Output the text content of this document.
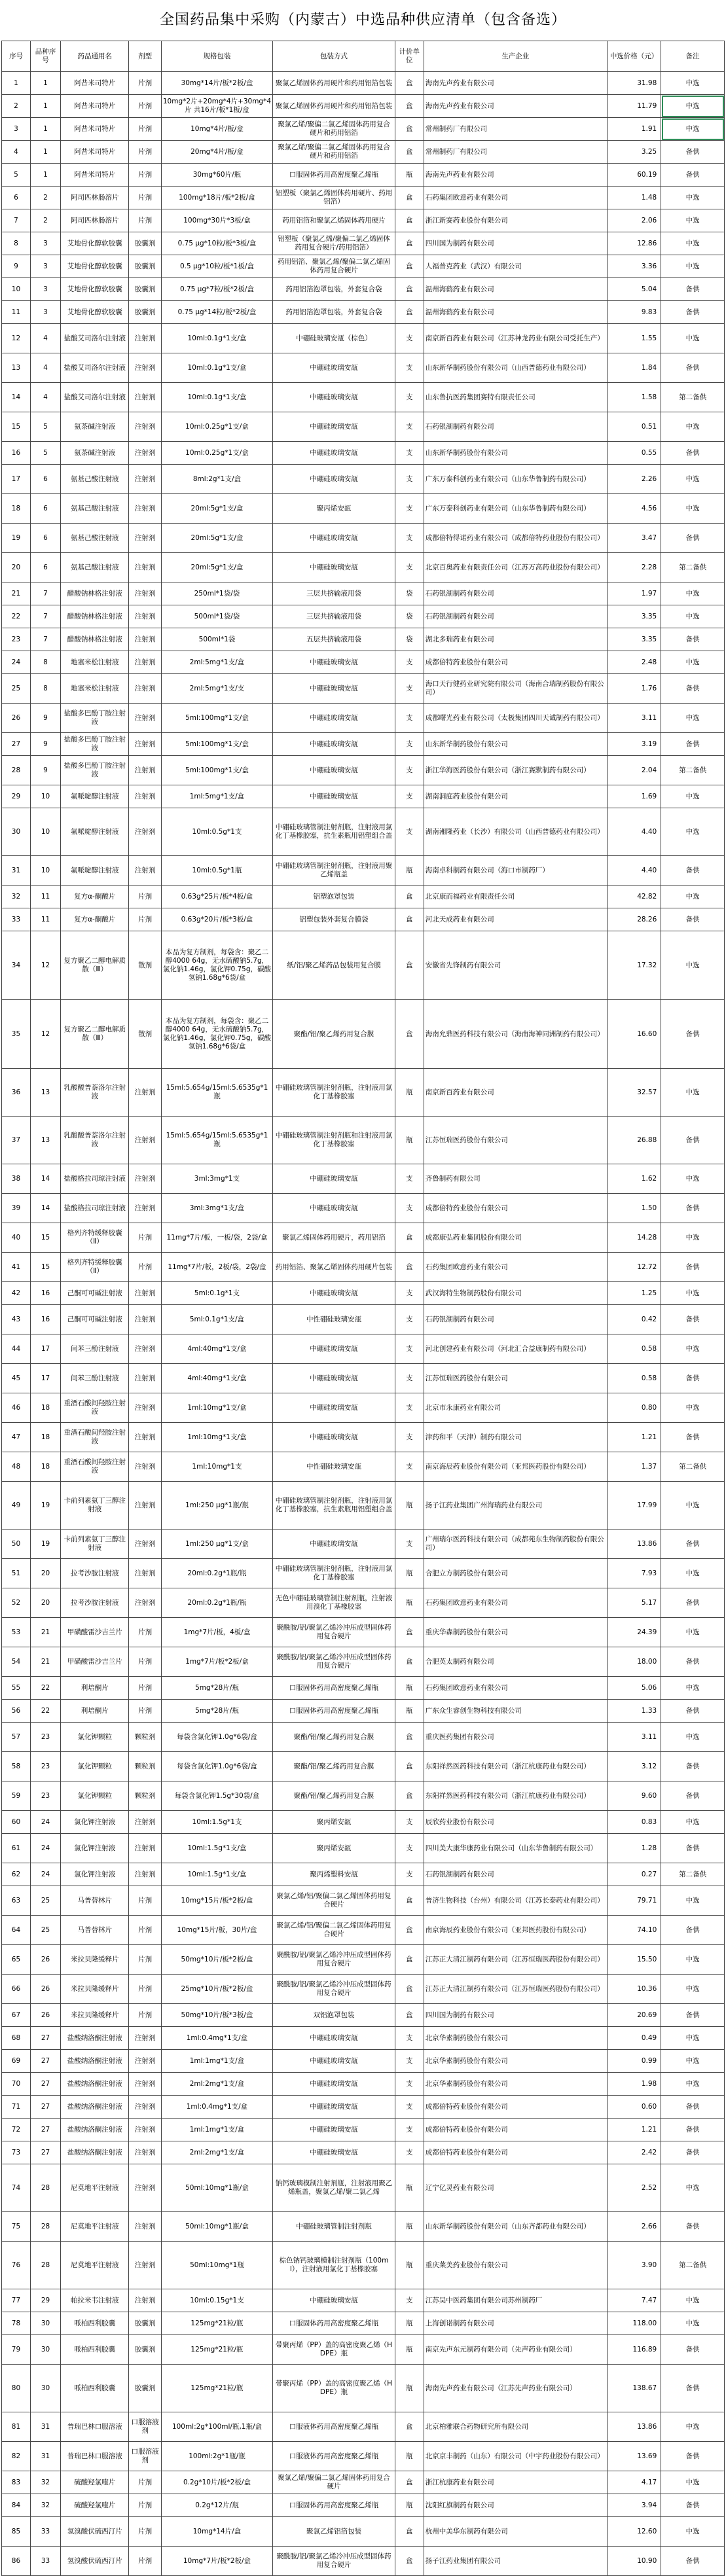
全国药品集中采购（内蒙古）中选品种供应清单（包含备选）
序号	品种序号	药品通用名	剂型	规格包装	包装方式	计价单位	生产企业	中选价格（元）	备注
1	1	阿昔米司特片	片剂	30mg*14片/板*2板/盒	聚氯乙烯固体药用硬片和药用铝箔包装	盒	海南先声药业有限公司	31.98	中选
2	1	阿昔米司特片	片剂	10mg*2片+20mg*4片+30mg*4片 共16片/板*1板/盒	聚氯乙烯固体药用硬片和药用铝箔包装	盒	海南先声药业有限公司	11.79	中选
3	1	阿昔米司特片	片剂	10mg*4片/板/盒	聚氯乙烯/聚偏二氯乙烯固体药用复合硬片和药用铝箔	盒	常州制药厂有限公司	1.91	中选
4	1	阿昔米司特片	片剂	20mg*4片/板/盒	聚氯乙烯/聚偏二氯乙烯固体药用复合硬片和药用铝箔	盒	常州制药厂有限公司	3.25	备供
5	1	阿昔米司特片	片剂	30mg*60片/瓶	口服固体药用高密度聚乙烯瓶	瓶	海南先声药业有限公司	60.19	备供
6	2	阿司匹林肠溶片	片剂	100mg*18片/板*2板/盒	铝塑板（聚氯乙烯固体药用硬片、药用铝箔）	盒	石药集团欧意药业有限公司	1.48	中选
7	2	阿司匹林肠溶片	片剂	100mg*30片*3板/盒	药用铝箔和聚氯乙烯固体药用硬片	盒	浙江新赛药业股份有限公司	2.06	中选
8	3	艾地骨化醇软胶囊	胶囊剂	0.75 μg*10粒/板*3板/盒	铝塑板（聚氯乙烯/聚偏二氯乙烯固体药用复合硬片/药用铝箔）	盒	四川国为制药有限公司	12.86	中选
9	3	艾地骨化醇软胶囊	胶囊剂	0.5 μg*10粒/板*1板/盒	药用铝箔、聚氯乙烯/聚偏二氯乙烯固体药用复合硬片	盒	人福普克药业（武汉）有限公司	3.36	中选
10	3	艾地骨化醇软胶囊	胶囊剂	0.75 μg*7粒/板*2板/盒	药用铝箔泡罩包装，外套复合袋	盒	温州海鹤药业有限公司	5.04	备供
11	3	艾地骨化醇软胶囊	胶囊剂	0.75 μg*14粒/板*2板/盒	药用铝箔泡罩包装，外套复合袋	盒	温州海鹤药业有限公司	9.83	备供
12	4	盐酸艾司洛尔注射液	注射剂	10ml:0.1g*1支/盒	中硼硅玻璃安瓿（棕色）	支	南京新百药业有限公司（江苏神龙药业有限公司受托生产）	1.55	中选
13	4	盐酸艾司洛尔注射液	注射剂	10ml:0.1g*1支/盒	中硼硅玻璃安瓿	支	山东新华制药股份有限公司（山西普德药业有限公司）	1.84	备供
14	4	盐酸艾司洛尔注射液	注射剂	10ml:0.1g*1支/盒	中硼硅玻璃安瓿	支	山东鲁抗医药集团赛特有限责任公司	1.58	第二备供
15	5	氨茶碱注射液	注射剂	10ml:0.25g*1支/盒	中硼硅玻璃安瓿	支	石药银湖制药有限公司	0.51	中选
16	5	氨茶碱注射液	注射剂	10ml:0.25g*1支/盒	中硼硅玻璃安瓿	支	山东新华制药股份有限公司	0.55	备供
17	6	氨基己酸注射液	注射剂	8ml:2g*1支/盒	中硼硅玻璃安瓿	支	广东万泰科创药业有限公司（山东华鲁制药有限公司）	2.26	中选
18	6	氨基己酸注射液	注射剂	20ml:5g*1支/盒	聚丙烯安瓿	支	广东万泰科创药业有限公司（山东华鲁制药有限公司）	4.56	中选
19	6	氨基己酸注射液	注射剂	20ml:5g*1支/盒	中硼硅玻璃安瓿	支	成都倍特得诺药业有限公司（成都倍特药业股份有限公司）	3.47	备供
20	6	氨基己酸注射液	注射剂	20ml:5g*1支/盒	中硼硅玻璃安瓿	支	北京百奥药业有限责任公司（江苏万高药业股份有限公司）	2.28	第二备供
21	7	醋酸钠林格注射液	注射剂	250ml*1袋/袋	三层共挤输液用袋	袋	石药银湖制药有限公司	1.97	中选
22	7	醋酸钠林格注射液	注射剂	500ml*1袋/袋	三层共挤输液用袋	袋	石药银湖制药有限公司	3.35	中选
23	7	醋酸钠林格注射液	注射剂	500ml*1袋	五层共挤输液用袋	袋	湖北多瑞药业有限公司	3.35	备供
24	8	地塞米松注射液	注射剂	2ml:5mg*1支/盒	中硼硅玻璃安瓿	支	成都倍特药业股份有限公司	2.48	中选
25	8	地塞米松注射液	注射剂	2ml:5mg*1支/支	中硼硅玻璃安瓿	支	海口天行健药业研究院有限公司（海南合瑞制药股份有限公司）	1.76	备供
26	9	盐酸多巴酚丁胺注射液	注射剂	5ml:100mg*1支/盒	中硼硅玻璃安瓿	支	成都曙光药业有限公司（太极集团四川天诚制药有限公司）	3.11	中选
27	9	盐酸多巴酚丁胺注射液	注射剂	5ml:100mg*1支/盒	中硼硅玻璃安瓿	支	山东新华制药股份有限公司	3.19	备供
28	9	盐酸多巴酚丁胺注射液	注射剂	5ml:100mg*1支/盒	中硼硅玻璃安瓿	支	浙江华海医药股份有限公司（浙江赛默制药有限公司）	2.04	第二备供
29	10	氟哌啶醇注射液	注射剂	1ml:5mg*1支/盒	中硼硅玻璃安瓿	支	湖南洞庭药业股份有限公司	1.69	中选
30	10	氟哌啶醇注射液	注射剂	10ml:0.5g*1支	中硼硅玻璃管制注射剂瓶，注射液用氯化丁基橡胶塞，抗生素瓶用铝塑组合盖	支	湖南湘隆药业（长沙）有限公司（山西普德药业有限公司）	4.40	中选
31	10	氟哌啶醇注射液	注射剂	10ml:0.5g*1瓶	中硼硅玻璃管制注射剂瓶，注射液用聚乙烯瓶盖	瓶	海南卓科制药有限公司（海口市制药厂）	4.40	备供
32	11	复方α-酮酸片	片剂	0.63g*25片/板*4板/盒	铝塑泡罩包装	盒	北京康而福药业有限责任公司	42.82	中选
33	11	复方α-酮酸片	片剂	0.63g*20片/板*3板/盒	铝塑包装外套复合膜袋	盒	河北天成药业有限公司	28.26	备供
34	12	复方聚乙二醇电解质散（Ⅲ）	散剂	本品为复方制剂，每袋含：聚乙二醇4000 64g，无水硫酸钠5.7g，氯化钠1.46g，氯化钾0.75g，碳酸氢钠1.68g*6袋/盒	纸/铝/聚乙烯药品包装用复合膜	盒	安徽省先锋制药有限公司	17.32	中选
35	12	复方聚乙二醇电解质散（Ⅲ）	散剂	本品为复方制剂，每袋含：聚乙二醇4000 64g，无水硫酸钠5.7g，氯化钠1.46g，氯化钾0.75g，碳酸氢钠1.68g*6袋/盒	聚酯/铝/聚乙烯药用复合膜	盒	海南允鼎医药科技有限公司（海南海神同洲制药有限公司）	16.60	备供
36	13	乳酸酸普萘洛尔注射液	注射剂	15ml:5.654g/15ml:5.6535g*1瓶	中硼硅玻璃管制注射剂瓶，注射液用氯化丁基橡胶塞	瓶	南京新百药业有限公司	32.57	中选
37	13	乳酸酸普萘洛尔注射液	注射剂	15ml:5.654g/15ml:5.6535g*1瓶	中硼硅玻璃管制注射剂瓶和注射液用氯化丁基橡胶塞	瓶	江苏恒瑞医药股份有限公司	26.88	备供
38	14	盐酸格拉司琼注射液	注射剂	3ml:3mg*1支	中硼硅玻璃安瓿	支	齐鲁制药有限公司	1.62	中选
39	14	盐酸格拉司琼注射液	注射剂	3ml:3mg*1支/盒	中硼硅玻璃安瓿	支	成都倍特药业股份有限公司	1.50	备供
40	15	格列齐特缓释胶囊（Ⅱ）	片剂	11mg*7片/板，一板/袋，2袋/盒	聚氯乙烯固体药用硬片，药用铝箔	盒	成都康弘药业集团股份有限公司	14.28	中选
41	15	格列齐特缓释胶囊（Ⅱ）	片剂	11mg*7片/板，2板/袋，2袋/盒	药用铝箔、聚氯乙烯固体药用硬片包装	盒	石药集团欧意药业有限公司	12.72	备供
42	16	己酮可可碱注射液	注射剂	5ml:0.1g*1支	中硼硅玻璃安瓿	支	武汉海特生物制药股份有限公司	1.25	中选
43	16	己酮可可碱注射液	注射剂	5ml:0.1g*1支/盒	中性硼硅玻璃安瓿	支	石药银湖制药有限公司	0.42	备供
44	17	间苯三酚注射液	注射剂	4ml:40mg*1支/盒	中硼硅玻璃安瓿	支	河北创建药业有限公司（河北汇合益康制药有限公司）	0.58	中选
45	17	间苯三酚注射液	注射剂	4ml:40mg*1支/盒	中硼硅玻璃安瓿	支	江苏恒瑞医药股份有限公司	0.58	备供
46	18	重酒石酸间羟胺注射液	注射剂	1ml:10mg*1支/盒	中硼硅玻璃安瓿	支	北京市永康药业有限公司	0.80	中选
47	18	重酒石酸间羟胺注射液	注射剂	1ml:10mg*1支/盒	中硼硅玻璃安瓿	支	津药和平（天津）制药有限公司	1.21	备供
48	18	重酒石酸间羟胺注射液	注射剂	1ml:10mg*1支	中性硼硅玻璃安瓿	支	南京海辰药业股份有限公司（亚邦医药股份有限公司）	1.37	第二备供
49	19	卡前列素氨丁三醇注射液	注射剂	1ml:250 μg*1瓶/瓶	中硼硅玻璃管制注射剂瓶，注射液用氯化丁基橡胶塞，抗生素瓶用铝塑组合盖	瓶	扬子江药业集团广州海瑞药业有限公司	17.99	中选
50	19	卡前列素氨丁三醇注射液	注射剂	1ml:250 μg*1支/盒	中硼硅玻璃安瓿	支	广州瑞尔医药科技有限公司（成都苑东生物制药股份有限公司）	13.86	备供
51	20	拉考沙胺注射液	注射剂	20ml:0.2g*1瓶/瓶	中硼硅玻璃管制注射剂瓶，注射液用氯化丁基橡胶塞	瓶	合肥立方制药股份有限公司	7.93	中选
52	20	拉考沙胺注射液	注射剂	20ml:0.2g*1瓶/瓶	无色中硼硅玻璃管制注射剂瓶，注射液用溴化丁基橡胶塞	瓶	石药集团欧意药业有限公司	5.17	备供
53	21	甲磺酸雷沙吉兰片	片剂	1mg*7片/板，4板/盒	聚酰胺/铝/聚氯乙烯冷冲压成型固体药用复合硬片	盒	重庆华森制药股份有限公司	24.39	中选
54	21	甲磺酸雷沙吉兰片	片剂	1mg*7片/板*2板/盒	聚酰胺/铝/聚氯乙烯冷冲压成型固体药用复合硬片	盒	合肥英太制药有限公司	18.00	备供
55	22	利培酮片	片剂	5mg*28片/瓶	口服固体药用高密度聚乙烯瓶	瓶	石药集团欧意药业有限公司	5.06	中选
56	22	利培酮片	片剂	5mg*28片/瓶	口服固体药用高密度聚乙烯瓶	瓶	广东众生睿创生物科技有限公司	1.33	备供
57	23	氯化钾颗粒	颗粒剂	每袋含氯化钾1.0g*6袋/盒	聚酯/铝/聚乙烯药用复合膜	盒	重庆医药集团有限公司	3.11	中选
58	23	氯化钾颗粒	颗粒剂	每袋含氯化钾1.0g*6袋/盒	聚酯/铝/聚乙烯药用复合膜	盒	东阳祥然医药科技有限公司（浙江杭康药业有限公司）	3.12	备供
59	23	氯化钾颗粒	颗粒剂	每袋含氯化钾1.5g*30袋/盒	聚酯/铝/聚乙烯药用复合膜	盒	东阳祥然医药科技有限公司（浙江杭康药业有限公司）	9.60	备供
60	24	氯化钾注射液	注射剂	10ml:1.5g*1支	聚丙烯安瓿	支	辰欣药业股份有限公司	0.83	中选
61	24	氯化钾注射液	注射剂	10ml:1.5g*1支/盒	聚丙烯安瓿	支	四川美大康华康药业有限公司（山东华鲁制药有限公司）	1.28	备供
62	24	氯化钾注射液	注射剂	10ml:1.5g*1支/盒	聚丙烯塑料安瓿	支	石药银湖制药有限公司	0.27	第二备供
63	25	马普替林片	片剂	10mg*15片/板*2板/盒	聚氯乙烯/铝/聚偏二氯乙烯固体药用复合硬片	盒	普济生物科技（台州）有限公司（江苏长泰药业有限公司）	79.71	中选
64	25	马普替林片	片剂	10mg*15片/板，30片/盒	聚氯乙烯/铝/聚偏二氯乙烯固体药用复合硬片	盒	南京海辰药业股份有限公司（亚邦医药股份有限公司）	74.10	备供
65	26	米拉贝隆缓释片	片剂	50mg*10片/板*2板/盒	聚酰胺/铝/聚氯乙烯冷冲压成型固体药用复合硬片	盒	江苏正大清江制药有限公司（江苏恒瑞医药股份有限公司）	15.50	中选
66	26	米拉贝隆缓释片	片剂	25mg*10片/板*2板/盒	聚酰胺/铝/聚氯乙烯冷冲压成型固体药用复合硬片	盒	江苏正大清江制药有限公司（江苏恒瑞医药股份有限公司）	10.36	中选
67	26	米拉贝隆缓释片	片剂	50mg*10片/板*3板/盒	双铝泡罩包装	盒	四川国为制药有限公司	20.69	备供
68	27	盐酸纳洛酮注射液	注射剂	1ml:0.4mg*1支/盒	中硼硅玻璃安瓿	支	北京华素制药股份有限公司	0.49	中选
69	27	盐酸纳洛酮注射液	注射剂	1ml:1mg*1支/盒	中硼硅玻璃安瓿	支	北京华素制药股份有限公司	0.99	中选
70	27	盐酸纳洛酮注射液	注射剂	2ml:2mg*1支/盒	中硼硅玻璃安瓿	支	北京华素制药股份有限公司	1.98	中选
71	27	盐酸纳洛酮注射液	注射剂	1ml:0.4mg*1支/盒	中硼硅玻璃安瓿	支	成都倍特药业股份有限公司	0.60	备供
72	27	盐酸纳洛酮注射液	注射剂	1ml:1mg*1支/盒	中硼硅玻璃安瓿	支	成都倍特药业股份有限公司	1.21	备供
73	27	盐酸纳洛酮注射液	注射剂	2ml:2mg*1支/盒	中硼硅玻璃安瓿	支	成都倍特药业股份有限公司	2.42	备供
74	28	尼莫地平注射液	注射剂	50ml:10mg*1瓶/盒	钠钙玻璃模制注射剂瓶，注射液用聚乙烯瓶盖，聚氯乙烯/聚二氯乙烯	瓶	辽宁亿灵药业有限公司	2.52	中选
75	28	尼莫地平注射液	注射剂	50ml:10mg*1瓶/盒	中硼硅玻璃管制注射剂瓶	瓶	山东新华制药股份有限公司（山东齐都药业有限公司）	2.66	备供
76	28	尼莫地平注射液	注射剂	50ml:10mg*1瓶	棕色钠钙玻璃模制注射剂瓶（100ml），注射液用氯化丁基橡胶塞	瓶	重庆莱美药业股份有限公司	3.90	第二备供
77	29	帕拉米韦注射液	注射剂	10ml:0.15g*1支	中硼硅玻璃安瓿	支	江苏吴中医药集团有限公司苏州制药厂	7.47	中选
78	30	哌柏西利胶囊	胶囊剂	125mg*21粒/瓶	口服固体药用高密度聚乙烯瓶	瓶	上海创诺制药有限公司	118.00	中选
79	30	哌柏西利胶囊	胶囊剂	125mg*21粒/瓶	带聚丙烯（PP）盖的高密度聚乙烯（HDPE）瓶	瓶	南京先声东元制药有限公司（先声药业有限公司）	116.89	备供
80	30	哌柏西利胶囊	胶囊剂	125mg*21粒/瓶	带聚丙烯（PP）盖的高密度聚乙烯（HDPE）瓶	瓶	海南先声药业有限公司（江苏先声药业有限公司）	138.67	备供
81	31	普瑞巴林口服溶液	口服溶液剂	100ml:2g*100ml/瓶,1瓶/盒	口服液体药用高密度聚乙烯瓶	盒	北京柏雅联合药物研究所有限公司	13.86	中选
82	31	普瑞巴林口服溶液	口服溶液剂	100ml:2g*1瓶/瓶	口服液体药用高密度聚乙烯瓶	瓶	北京京丰制药（山东）有限公司（中宇药业股份有限公司）	13.69	备供
83	32	硫酸羟氯喹片	片剂	0.2g*10片/板*2板/盒	聚氯乙烯/聚偏二氯乙烯固体药用复合硬片	盒	浙江杭康药业有限公司	4.17	中选
84	32	硫酸羟氯喹片	片剂	0.2g*12片/瓶	口服固体药用高密度聚乙烯瓶	瓶	沈阳红旗制药有限公司	3.94	备供
85	33	氢溴酸伏硫西汀片	片剂	10mg*14片/盒	聚氯乙烯铝箔包装	盒	杭州中美华东制药有限公司	12.60	中选
86	33	氢溴酸伏硫西汀片	片剂	10mg*7片/板*2板/盒	聚酰胺/铝/聚氯乙烯冷冲压成型固体药用复合硬片	盒	扬子江药业集团有限公司	10.90	备供
